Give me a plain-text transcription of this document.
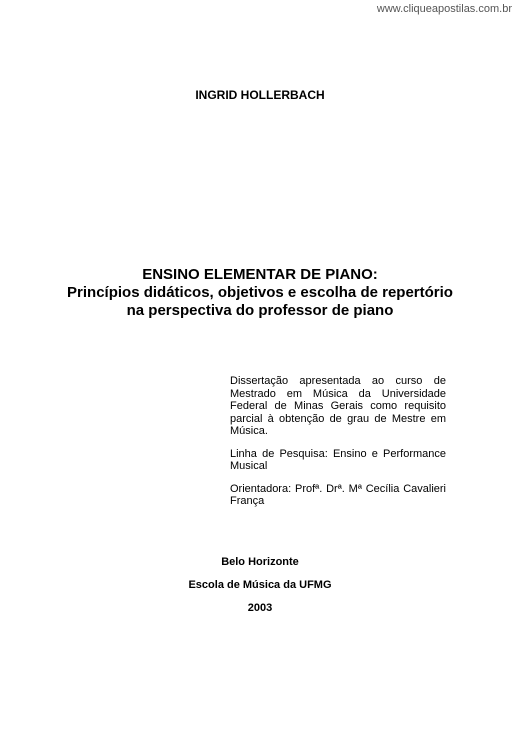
www.cliqueapostilas.com.br
INGRID HOLLERBACH
ENSINO ELEMENTAR DE PIANO:
Princípios didáticos, objetivos e escolha de repertório
na perspectiva do professor de piano

Dissertação apresentada ao curso de Mestrado em Música da Universidade Federal de Minas Gerais como requisito parcial à obtenção de grau de Mestre em Música.

Linha de Pesquisa: Ensino e Performance Musical

Orientadora: Profª. Drª. Mª Cecília Cavalieri França

Belo Horizonte
Escola de Música da UFMG
2003
